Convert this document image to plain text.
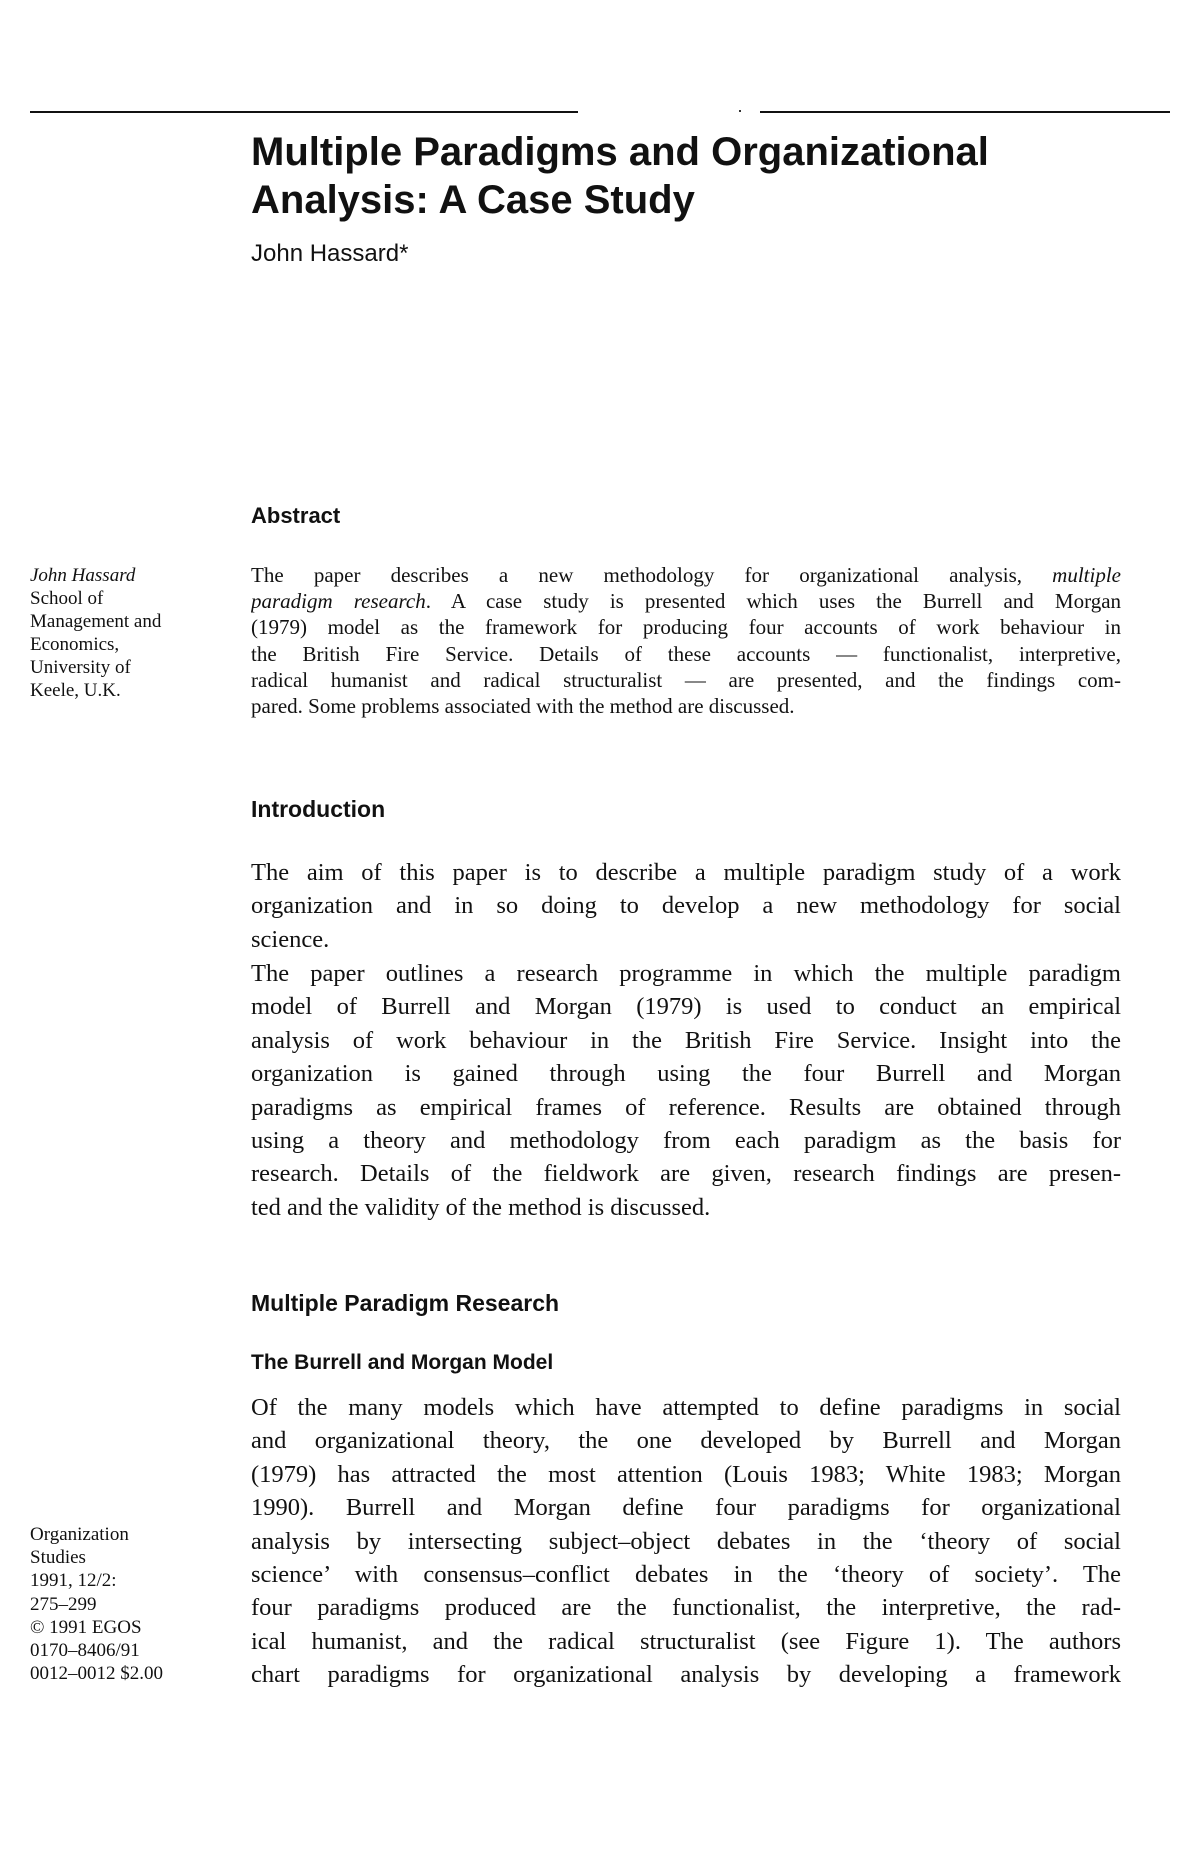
Multiple Paradigms and Organizational
Analysis: A Case Study
John Hassard*
John Hassard
School of
Management and
Economics,
University of
Keele, U.K.
Organization
Studies
1991, 12/2:
275–299
© 1991 EGOS
0170–8406/91
0012–0012 $2.00
Abstract
The paper describes a new methodology for organizational analysis, multiple
paradigm research. A case study is presented which uses the Burrell and Morgan
(1979) model as the framework for producing four accounts of work behaviour in
the British Fire Service. Details of these accounts — functionalist, interpretive,
radical humanist and radical structuralist — are presented, and the findings com-
pared. Some problems associated with the method are discussed.
Introduction
The aim of this paper is to describe a multiple paradigm study of a work
organization and in so doing to develop a new methodology for social
science.
The paper outlines a research programme in which the multiple paradigm
model of Burrell and Morgan (1979) is used to conduct an empirical
analysis of work behaviour in the British Fire Service. Insight into the
organization is gained through using the four Burrell and Morgan
paradigms as empirical frames of reference. Results are obtained through
using a theory and methodology from each paradigm as the basis for
research. Details of the fieldwork are given, research findings are presen-
ted and the validity of the method is discussed.
Multiple Paradigm Research
The Burrell and Morgan Model
Of the many models which have attempted to define paradigms in social
and organizational theory, the one developed by Burrell and Morgan
(1979) has attracted the most attention (Louis 1983; White 1983; Morgan
1990). Burrell and Morgan define four paradigms for organizational
analysis by intersecting subject–object debates in the ‘theory of social
science’ with consensus–conflict debates in the ‘theory of society’. The
four paradigms produced are the functionalist, the interpretive, the rad-
ical humanist, and the radical structuralist (see Figure 1). The authors
chart paradigms for organizational analysis by developing a framework
